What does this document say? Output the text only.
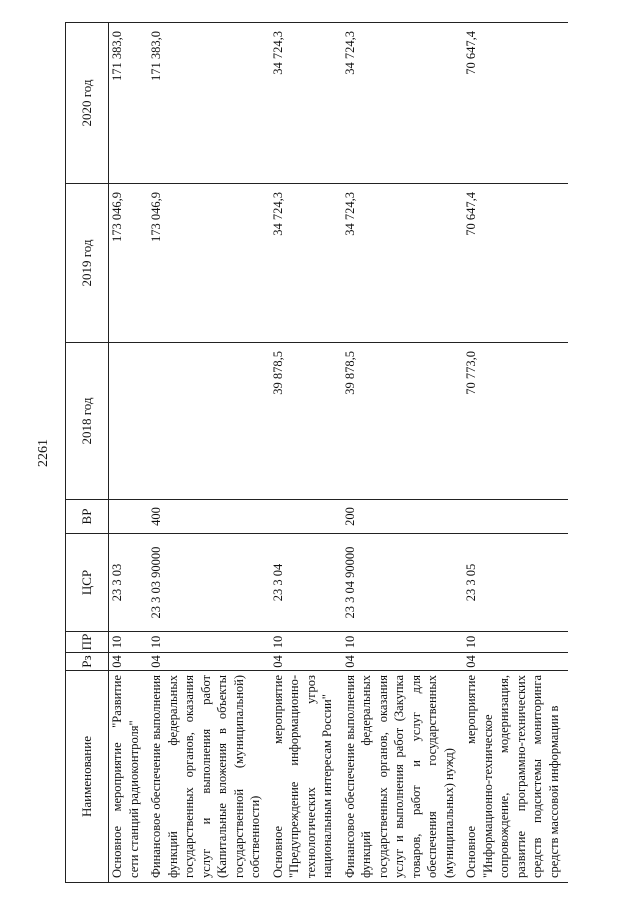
2261
Наименование	Рз	ПР	ЦСР	ВР	2018 год	2019 год	2020 год

Основное мероприятие "Развитие сети станций радиоконтроля"	04	10	23 3 03			173 046,9	171 383,0
Финансовое обеспечение выполнения функций федеральных государственных органов, оказания услуг и выполнения работ (Капитальные вложения в объекты государственной (муниципальной) собственности)	04	10	23 3 03 90000	400		173 046,9	171 383,0
Основное мероприятие "Предупреждение информационно-технологических угроз национальным интересам России"	04	10	23 3 04		39 878,5	34 724,3	34 724,3
Финансовое обеспечение выполнения функций федеральных государственных органов, оказания услуг и выполнения работ (Закупка товаров, работ и услуг для обеспечения государственных (муниципальных) нужд)	04	10	23 3 04 90000	200	39 878,5	34 724,3	34 724,3
Основное мероприятие "Информационно-техническое сопровождение, модернизация, развитие программно-технических средств подсистемы мониторинга средств массовой информации в	04	10	23 3 05		70 773,0	70 647,4	70 647,4
